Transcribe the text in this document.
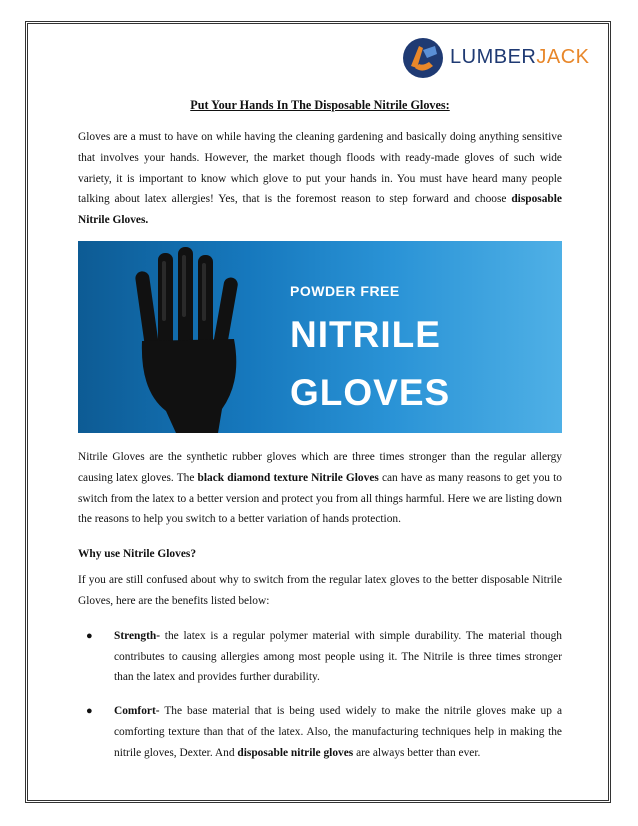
LUMBERJACK
Put Your Hands In The Disposable Nitrile Gloves:

Gloves are a must to have on while having the cleaning gardening and basically doing anything sensitive that involves your hands. However, the market though floods with ready-made gloves of such wide variety, it is important to know which glove to put your hands in. You must have heard many people talking about latex allergies! Yes, that is the foremost reason to step forward and choose disposable Nitrile Gloves.

POWDER FREE
NITRILE
GLOVES

Nitrile Gloves are the synthetic rubber gloves which are three times stronger than the regular allergy causing latex gloves. The black diamond texture Nitrile Gloves can have as many reasons to get you to switch from the latex to a better version and protect you from all things harmful. Here we are listing down the reasons to help you switch to a better variation of hands protection.

Why use Nitrile Gloves?

If you are still confused about why to switch from the regular latex gloves to the better disposable Nitrile Gloves, here are the benefits listed below:

● Strength- the latex is a regular polymer material with simple durability. The material though contributes to causing allergies among most people using it. The Nitrile is three times stronger than the latex and provides further durability.
● Comfort- The base material that is being used widely to make the nitrile gloves make up a comforting texture than that of the latex. Also, the manufacturing techniques help in making the nitrile gloves, Dexter. And disposable nitrile gloves are always better than ever.
